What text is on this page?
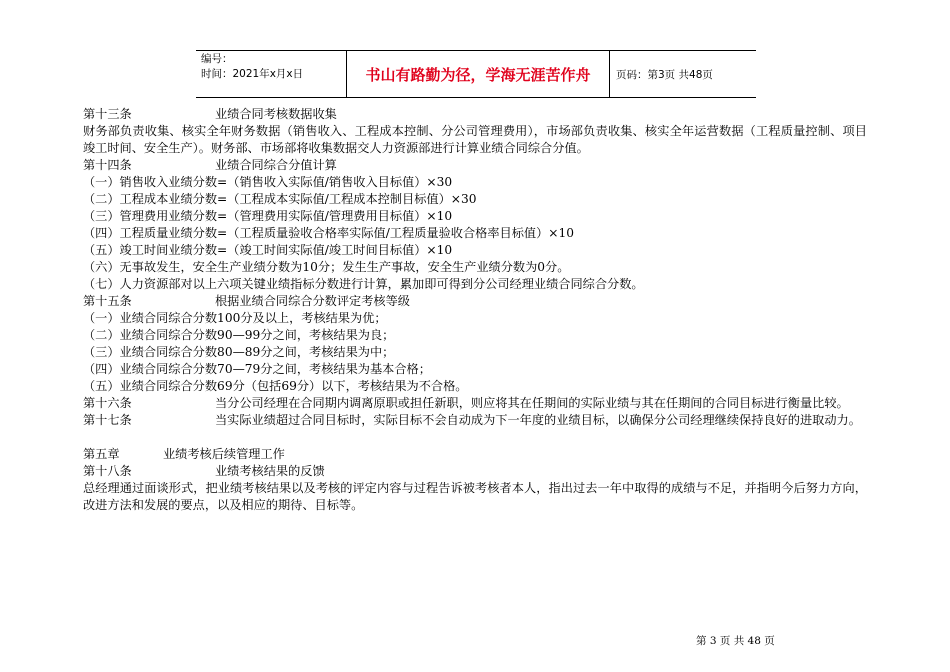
编号：
时间：2021年x月x日	书山有路勤为径，学海无涯苦作舟	页码：第3页 共48页
第十三条	业绩合同考核数据收集
财务部负责收集、核实全年财务数据（销售收入、工程成本控制、分公司管理费用），市场部负责收集、核实全年运营数据（工程质量控制、项目竣工时间、安全生产）。财务部、市场部将收集数据交人力资源部进行计算业绩合同综合分值。
第十四条	业绩合同综合分值计算
（一）销售收入业绩分数=（销售收入实际值/销售收入目标值）×30
（二）工程成本业绩分数=（工程成本实际值/工程成本控制目标值）×30
（三）管理费用业绩分数=（管理费用实际值/管理费用目标值）×10
（四）工程质量业绩分数=（工程质量验收合格率实际值/工程质量验收合格率目标值）×10
（五）竣工时间业绩分数=（竣工时间实际值/竣工时间目标值）×10
（六）无事故发生，安全生产业绩分数为10分；发生生产事故，安全生产业绩分数为0分。
（七）人力资源部对以上六项关键业绩指标分数进行计算，累加即可得到分公司经理业绩合同综合分数。
第十五条	根据业绩合同综合分数评定考核等级
（一）业绩合同综合分数100分及以上，考核结果为优；
（二）业绩合同综合分数90—99分之间，考核结果为良；
（三）业绩合同综合分数80—89分之间，考核结果为中；
（四）业绩合同综合分数70—79分之间，考核结果为基本合格；
（五）业绩合同综合分数69分（包括69分）以下，考核结果为不合格。
第十六条	当分公司经理在合同期内调离原职或担任新职，则应将其在任期间的实际业绩与其在任期间的合同目标进行衡量比较。
第十七条	当实际业绩超过合同目标时，实际目标不会自动成为下一年度的业绩目标，以确保分公司经理继续保持良好的进取动力。
第五章	业绩考核后续管理工作
第十八条	业绩考核结果的反馈
总经理通过面谈形式，把业绩考核结果以及考核的评定内容与过程告诉被考核者本人，指出过去一年中取得的成绩与不足，并指明今后努力方向，改进方法和发展的要点，以及相应的期待、目标等。
第 3 页 共 48 页
